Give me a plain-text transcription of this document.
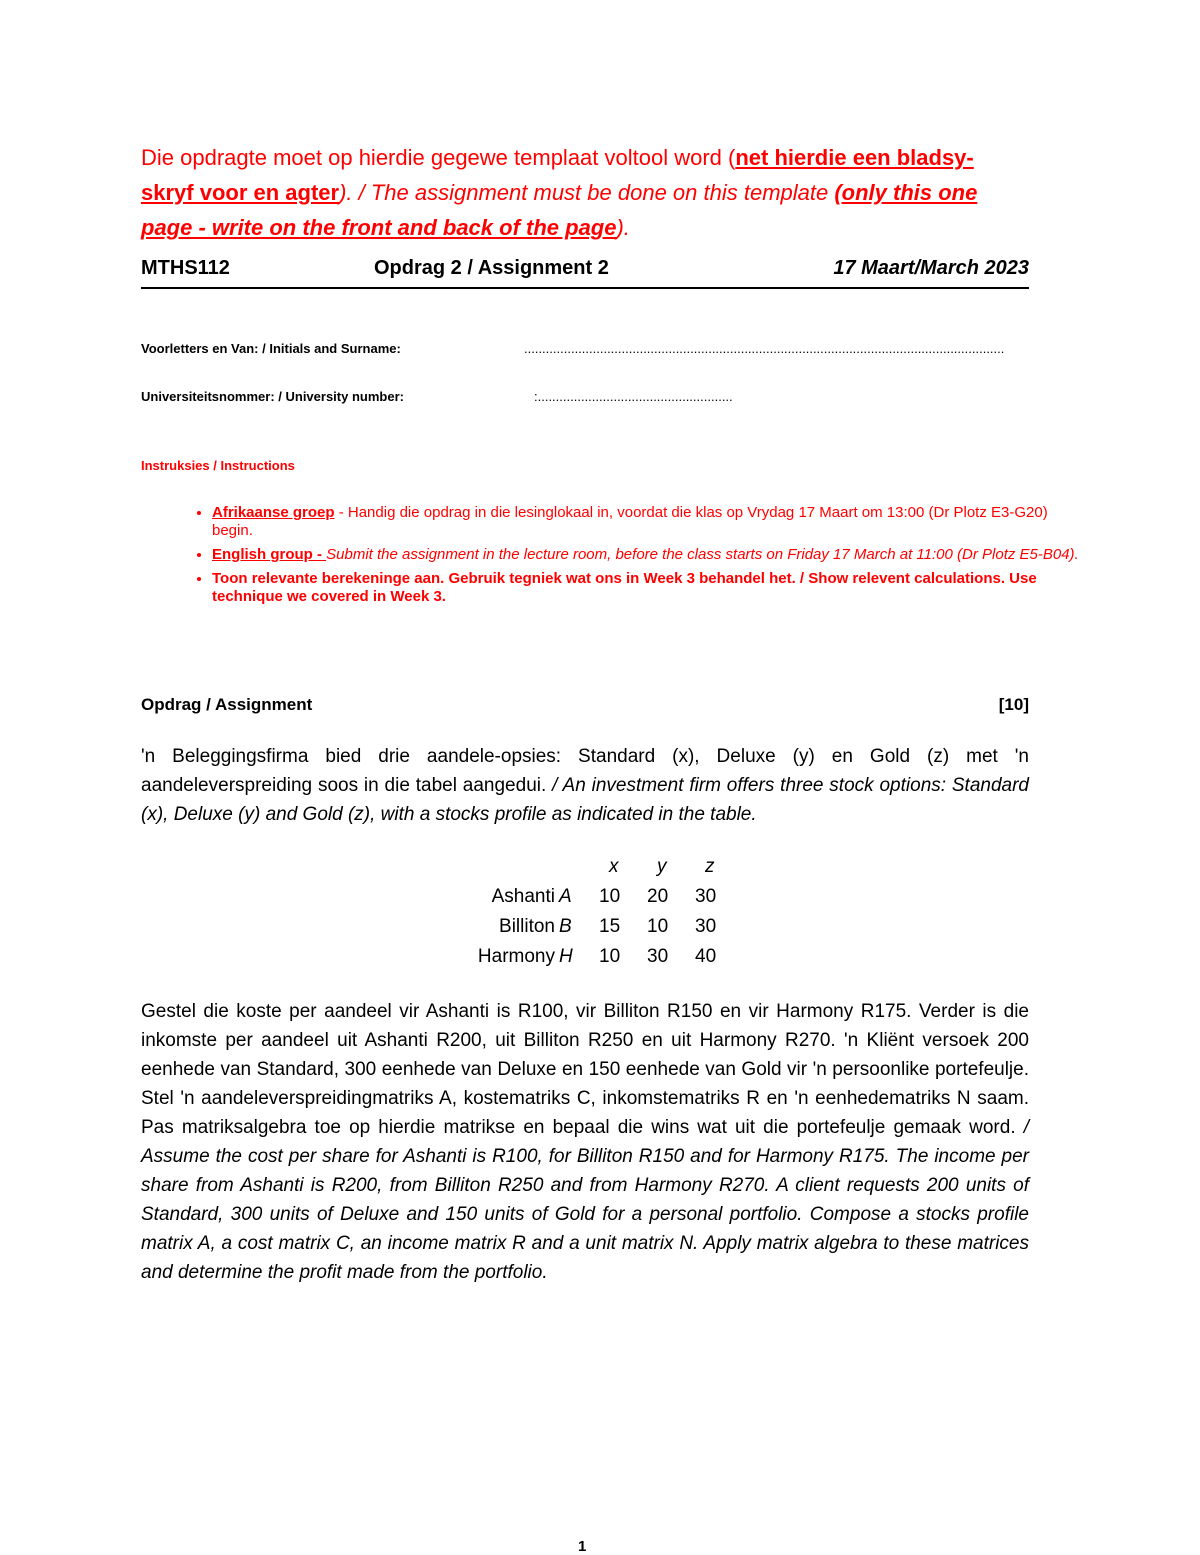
Die opdragte moet op hierdie gegewe templaat voltool word (net hierdie een bladsy- skryf voor en agter). / The assignment must be done on this template (only this one page - write on the front and back of the page).

MTHS112	Opdrag 2 / Assignment 2	17 Maart/March 2023
Voorletters en Van: / Initials and Surname:	.....................................................................................................................................
Universiteitsnommer: / University number:	:......................................................

Instruksies / Instructions

• Afrikaanse groep - Handig die opdrag in die lesinglokaal in, voordat die klas op Vrydag 17 Maart om 13:00 (Dr Plotz E3-G20) begin.
• English group - Submit the assignment in the lecture room, before the class starts on Friday 17 March at 11:00 (Dr Plotz E5-B04).
• Toon relevante berekeninge aan. Gebruik tegniek wat ons in Week 3 behandel het. / Show relevent calculations. Use technique we covered in Week 3.
Opdrag / Assignment	[10]

'n Beleggingsfirma bied drie aandele-opsies: Standard (x), Deluxe (y) en Gold (z) met 'n aandeleverspreiding soos in die tabel aangedui. / An investment firm offers three stock options: Standard (x), Deluxe (y) and Gold (z), with a stocks profile as indicated in the table.

		x	y	z
Ashanti	A	10	20	30
Billiton	B	15	10	30
Harmony	H	10	30	40

Gestel die koste per aandeel vir Ashanti is R100, vir Billiton R150 en vir Harmony R175. Verder is die inkomste per aandeel uit Ashanti R200, uit Billiton R250 en uit Harmony R270. 'n Kliënt versoek 200 eenhede van Standard, 300 eenhede van Deluxe en 150 eenhede van Gold vir 'n persoonlike portefeulje. Stel 'n aandeleverspreidingmatriks A, kostematriks C, inkomstematriks R en 'n eenhedematriks N saam. Pas matriksalgebra toe op hierdie matrikse en bepaal die wins wat uit die portefeulje gemaak word. / Assume the cost per share for Ashanti is R100, for Billiton R150 and for Harmony R175. The income per share from Ashanti is R200, from Billiton R250 and from Harmony R270. A client requests 200 units of Standard, 300 units of Deluxe and 150 units of Gold for a personal portfolio. Compose a stocks profile matrix A, a cost matrix C, an income matrix R and a unit matrix N. Apply matrix algebra to these matrices and determine the profit made from the portfolio.

1
